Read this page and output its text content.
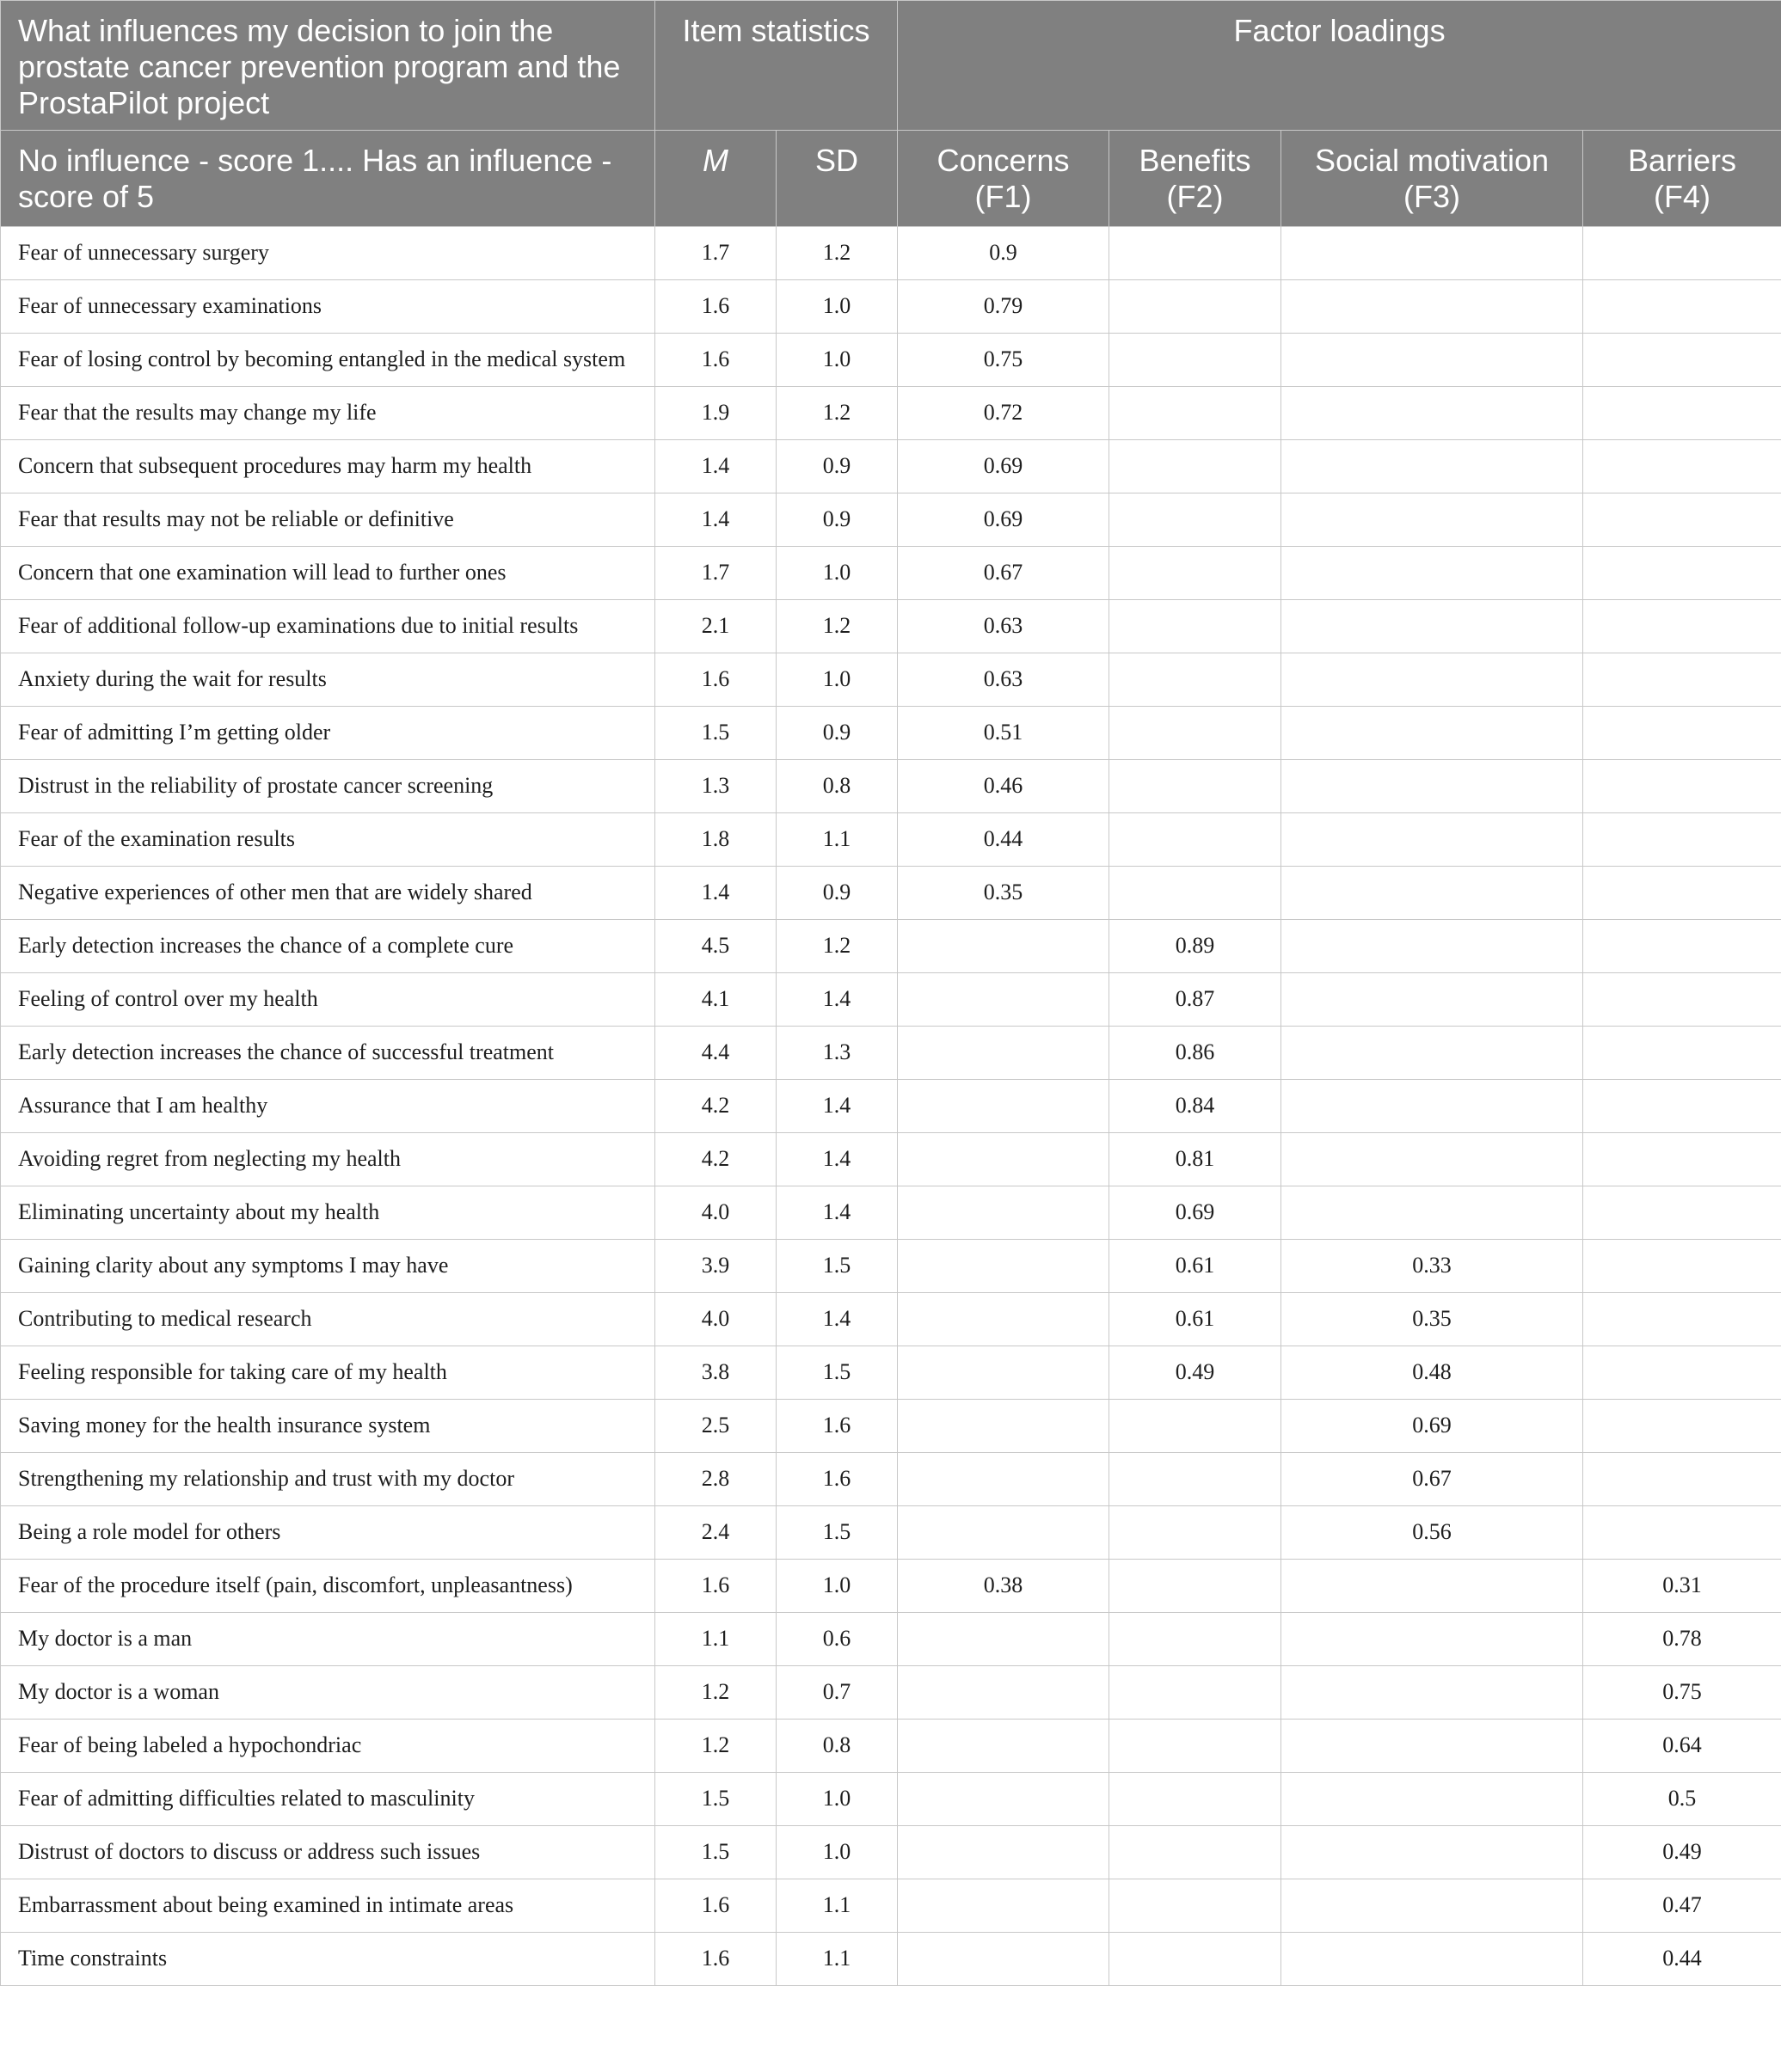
What influences my decision to join the prostate cancer prevention program and the ProstaPilot project	Item statistics		Factor loadings			
No influence - score 1.... Has an influence - score of 5	M	SD	Concerns (F1)	Benefits (F2)	Social motivation (F3)	Barriers (F4)
Fear of unnecessary surgery	1.7	1.2	0.9			
Fear of unnecessary examinations	1.6	1.0	0.79			
Fear of losing control by becoming entangled in the medical system	1.6	1.0	0.75			
Fear that the results may change my life	1.9	1.2	0.72			
Concern that subsequent procedures may harm my health	1.4	0.9	0.69			
Fear that results may not be reliable or definitive	1.4	0.9	0.69			
Concern that one examination will lead to further ones	1.7	1.0	0.67			
Fear of additional follow-up examinations due to initial results	2.1	1.2	0.63			
Anxiety during the wait for results	1.6	1.0	0.63			
Fear of admitting I’m getting older	1.5	0.9	0.51			
Distrust in the reliability of prostate cancer screening	1.3	0.8	0.46			
Fear of the examination results	1.8	1.1	0.44			
Negative experiences of other men that are widely shared	1.4	0.9	0.35			
Early detection increases the chance of a complete cure	4.5	1.2		0.89		
Feeling of control over my health	4.1	1.4		0.87		
Early detection increases the chance of successful treatment	4.4	1.3		0.86		
Assurance that I am healthy	4.2	1.4		0.84		
Avoiding regret from neglecting my health	4.2	1.4		0.81		
Eliminating uncertainty about my health	4.0	1.4		0.69		
Gaining clarity about any symptoms I may have	3.9	1.5		0.61	0.33	
Contributing to medical research	4.0	1.4		0.61	0.35	
Feeling responsible for taking care of my health	3.8	1.5		0.49	0.48	
Saving money for the health insurance system	2.5	1.6			0.69	
Strengthening my relationship and trust with my doctor	2.8	1.6			0.67	
Being a role model for others	2.4	1.5			0.56	
Fear of the procedure itself (pain, discomfort, unpleasantness)	1.6	1.0	0.38			0.31
My doctor is a man	1.1	0.6				0.78
My doctor is a woman	1.2	0.7				0.75
Fear of being labeled a hypochondriac	1.2	0.8				0.64
Fear of admitting difficulties related to masculinity	1.5	1.0				0.5
Distrust of doctors to discuss or address such issues	1.5	1.0				0.49
Embarrassment about being examined in intimate areas	1.6	1.1				0.47
Time constraints	1.6	1.1				0.44
